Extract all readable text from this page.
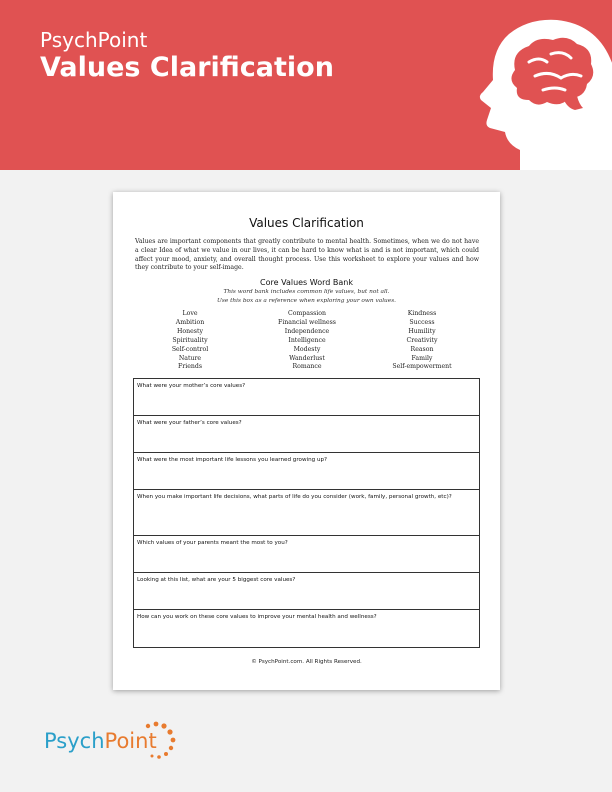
PsychPoint
Values Clarification
Values Clarification
Values are important components that greatly contribute to mental health. Sometimes, when we do not have a clear Idea of what we value in our lives, it can be hard to know what is and is not important, which could affect your mood, anxiety, and overall thought process. Use this worksheet to explore your values and how they contribute to your self-image.
Core Values Word Bank
This word bank includes common life values, but not all.
Use this box as a reference when exploring your own values.
Love
Ambition
Honesty
Spirituality
Self-control
Nature
Friends
Compassion
Financial wellness
Independence
Intelligence
Modesty
Wanderlust
Romance
Kindness
Success
Humility
Creativity
Reason
Family
Self-empowerment
What were your mother’s core values?
What were your father’s core values?
What were the most important life lessons you learned growing up?
When you make important life decisions, what parts of life do you consider (work, family, personal growth, etc)?
Which values of your parents meant the most to you?
Looking at this list, what are your 5 biggest core values?
How can you work on these core values to improve your mental health and wellness?
© PsychPoint.com. All Rights Reserved.
PsychPoint
